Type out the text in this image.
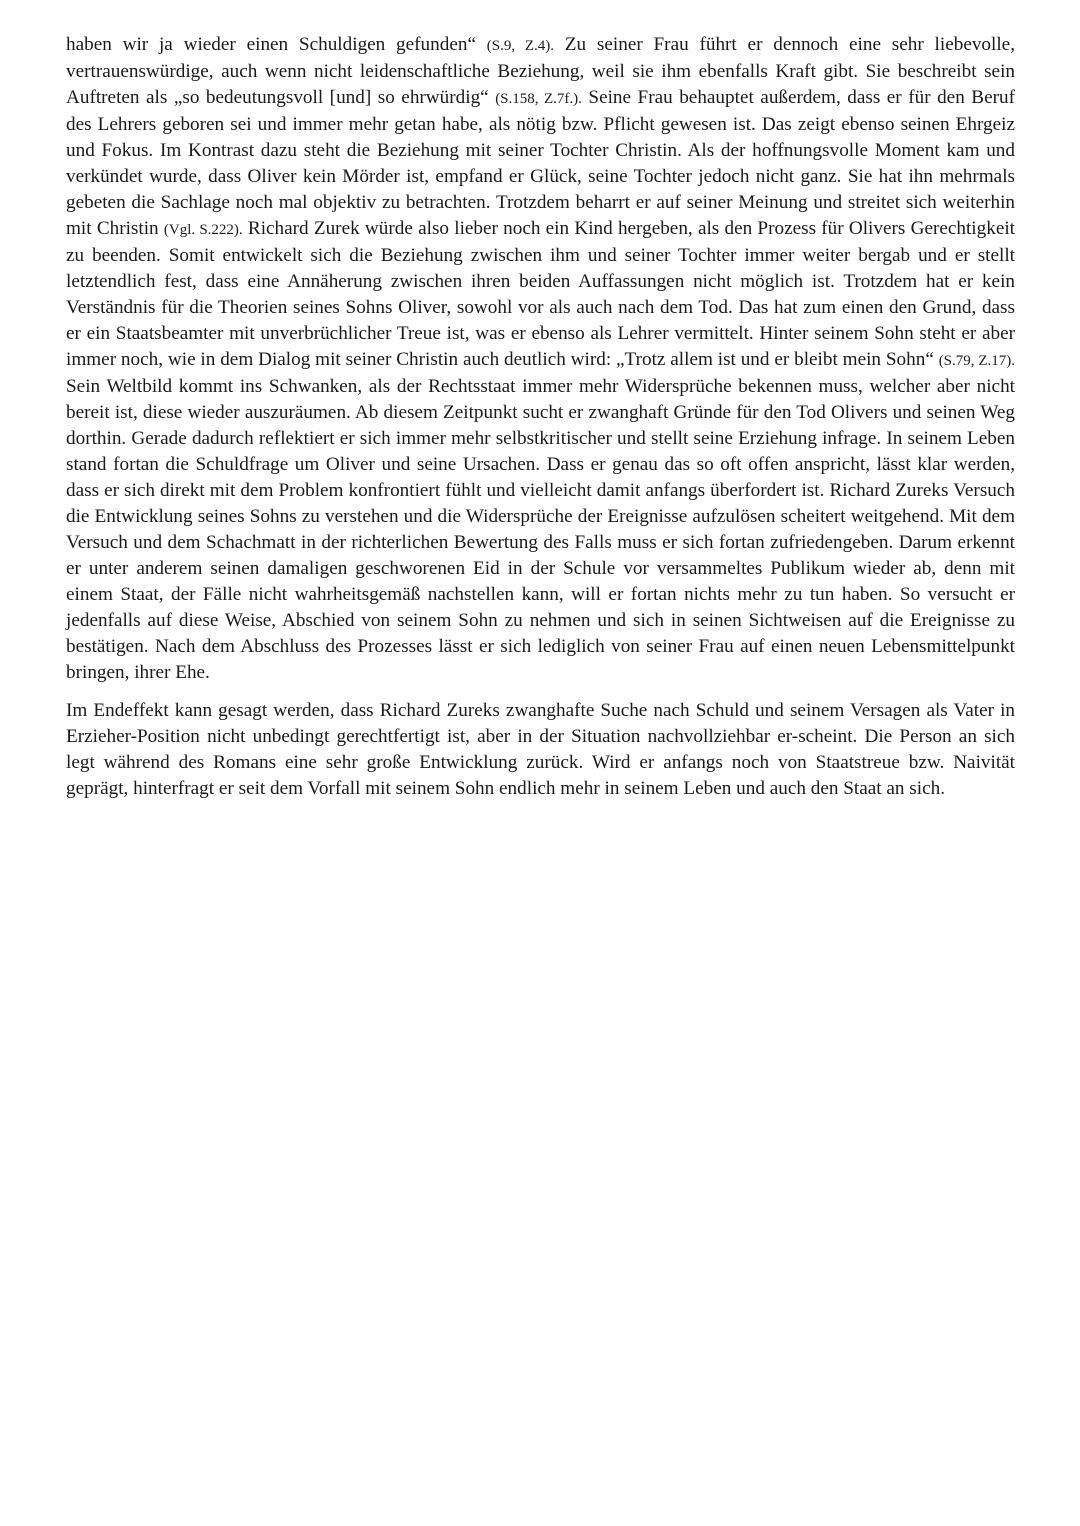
haben wir ja wieder einen Schuldigen gefunden“ (S.9, Z.4). Zu seiner Frau führt er dennoch eine sehr liebevolle, vertrauenswürdige, auch wenn nicht leidenschaftliche Beziehung, weil sie ihm ebenfalls Kraft gibt. Sie beschreibt sein Auftreten als „so bedeutungsvoll [und] so ehrwürdig“ (S.158, Z.7f.). Seine Frau behauptet außerdem, dass er für den Beruf des Lehrers geboren sei und immer mehr getan habe, als nötig bzw. Pflicht gewesen ist. Das zeigt ebenso seinen Ehrgeiz und Fokus. Im Kontrast dazu steht die Beziehung mit seiner Tochter Christin. Als der hoffnungsvolle Moment kam und verkündet wurde, dass Oliver kein Mörder ist, empfand er Glück, seine Tochter jedoch nicht ganz. Sie hat ihn mehrmals gebeten die Sachlage noch mal objektiv zu betrachten. Trotzdem beharrt er auf seiner Meinung und streitet sich weiterhin mit Christin (Vgl. S.222). Richard Zurek würde also lieber noch ein Kind hergeben, als den Prozess für Olivers Gerechtigkeit zu beenden. Somit entwickelt sich die Beziehung zwischen ihm und seiner Tochter immer weiter bergab und er stellt letztendlich fest, dass eine Annäherung zwischen ihren beiden Auffassungen nicht möglich ist. Trotzdem hat er kein Verständnis für die Theorien seines Sohns Oliver, sowohl vor als auch nach dem Tod. Das hat zum einen den Grund, dass er ein Staatsbeamter mit unverbrüchlicher Treue ist, was er ebenso als Lehrer vermittelt. Hinter seinem Sohn steht er aber immer noch, wie in dem Dialog mit seiner Christin auch deutlich wird: „Trotz allem ist und er bleibt mein Sohn“ (S.79, Z.17). Sein Weltbild kommt ins Schwanken, als der Rechtsstaat immer mehr Widersprüche bekennen muss, welcher aber nicht bereit ist, diese wieder auszuräumen. Ab diesem Zeitpunkt sucht er zwanghaft Gründe für den Tod Olivers und seinen Weg dorthin. Gerade dadurch reflektiert er sich immer mehr selbstkritischer und stellt seine Erziehung infrage. In seinem Leben stand fortan die Schuldfrage um Oliver und seine Ursachen. Dass er genau das so oft offen anspricht, lässt klar werden, dass er sich direkt mit dem Problem konfrontiert fühlt und vielleicht damit anfangs überfordert ist. Richard Zureks Versuch die Entwicklung seines Sohns zu verstehen und die Widersprüche der Ereignisse aufzulösen scheitert weitgehend. Mit dem Versuch und dem Schachmatt in der richterlichen Bewertung des Falls muss er sich fortan zufriedengeben. Darum erkennt er unter anderem seinen damaligen geschworenen Eid in der Schule vor versammeltes Publikum wieder ab, denn mit einem Staat, der Fälle nicht wahrheitsgemäß nachstellen kann, will er fortan nichts mehr zu tun haben. So versucht er jedenfalls auf diese Weise, Abschied von seinem Sohn zu nehmen und sich in seinen Sichtweisen auf die Ereignisse zu bestätigen. Nach dem Abschluss des Prozesses lässt er sich lediglich von seiner Frau auf einen neuen Lebensmittelpunkt bringen, ihrer Ehe.

Im Endeffekt kann gesagt werden, dass Richard Zureks zwanghafte Suche nach Schuld und seinem Versagen als Vater in Erzieher-Position nicht unbedingt gerechtfertigt ist, aber in der Situation nachvollziehbar er-scheint. Die Person an sich legt während des Romans eine sehr große Entwicklung zurück. Wird er anfangs noch von Staatstreue bzw. Naivität geprägt, hinterfragt er seit dem Vorfall mit seinem Sohn endlich mehr in seinem Leben und auch den Staat an sich.
